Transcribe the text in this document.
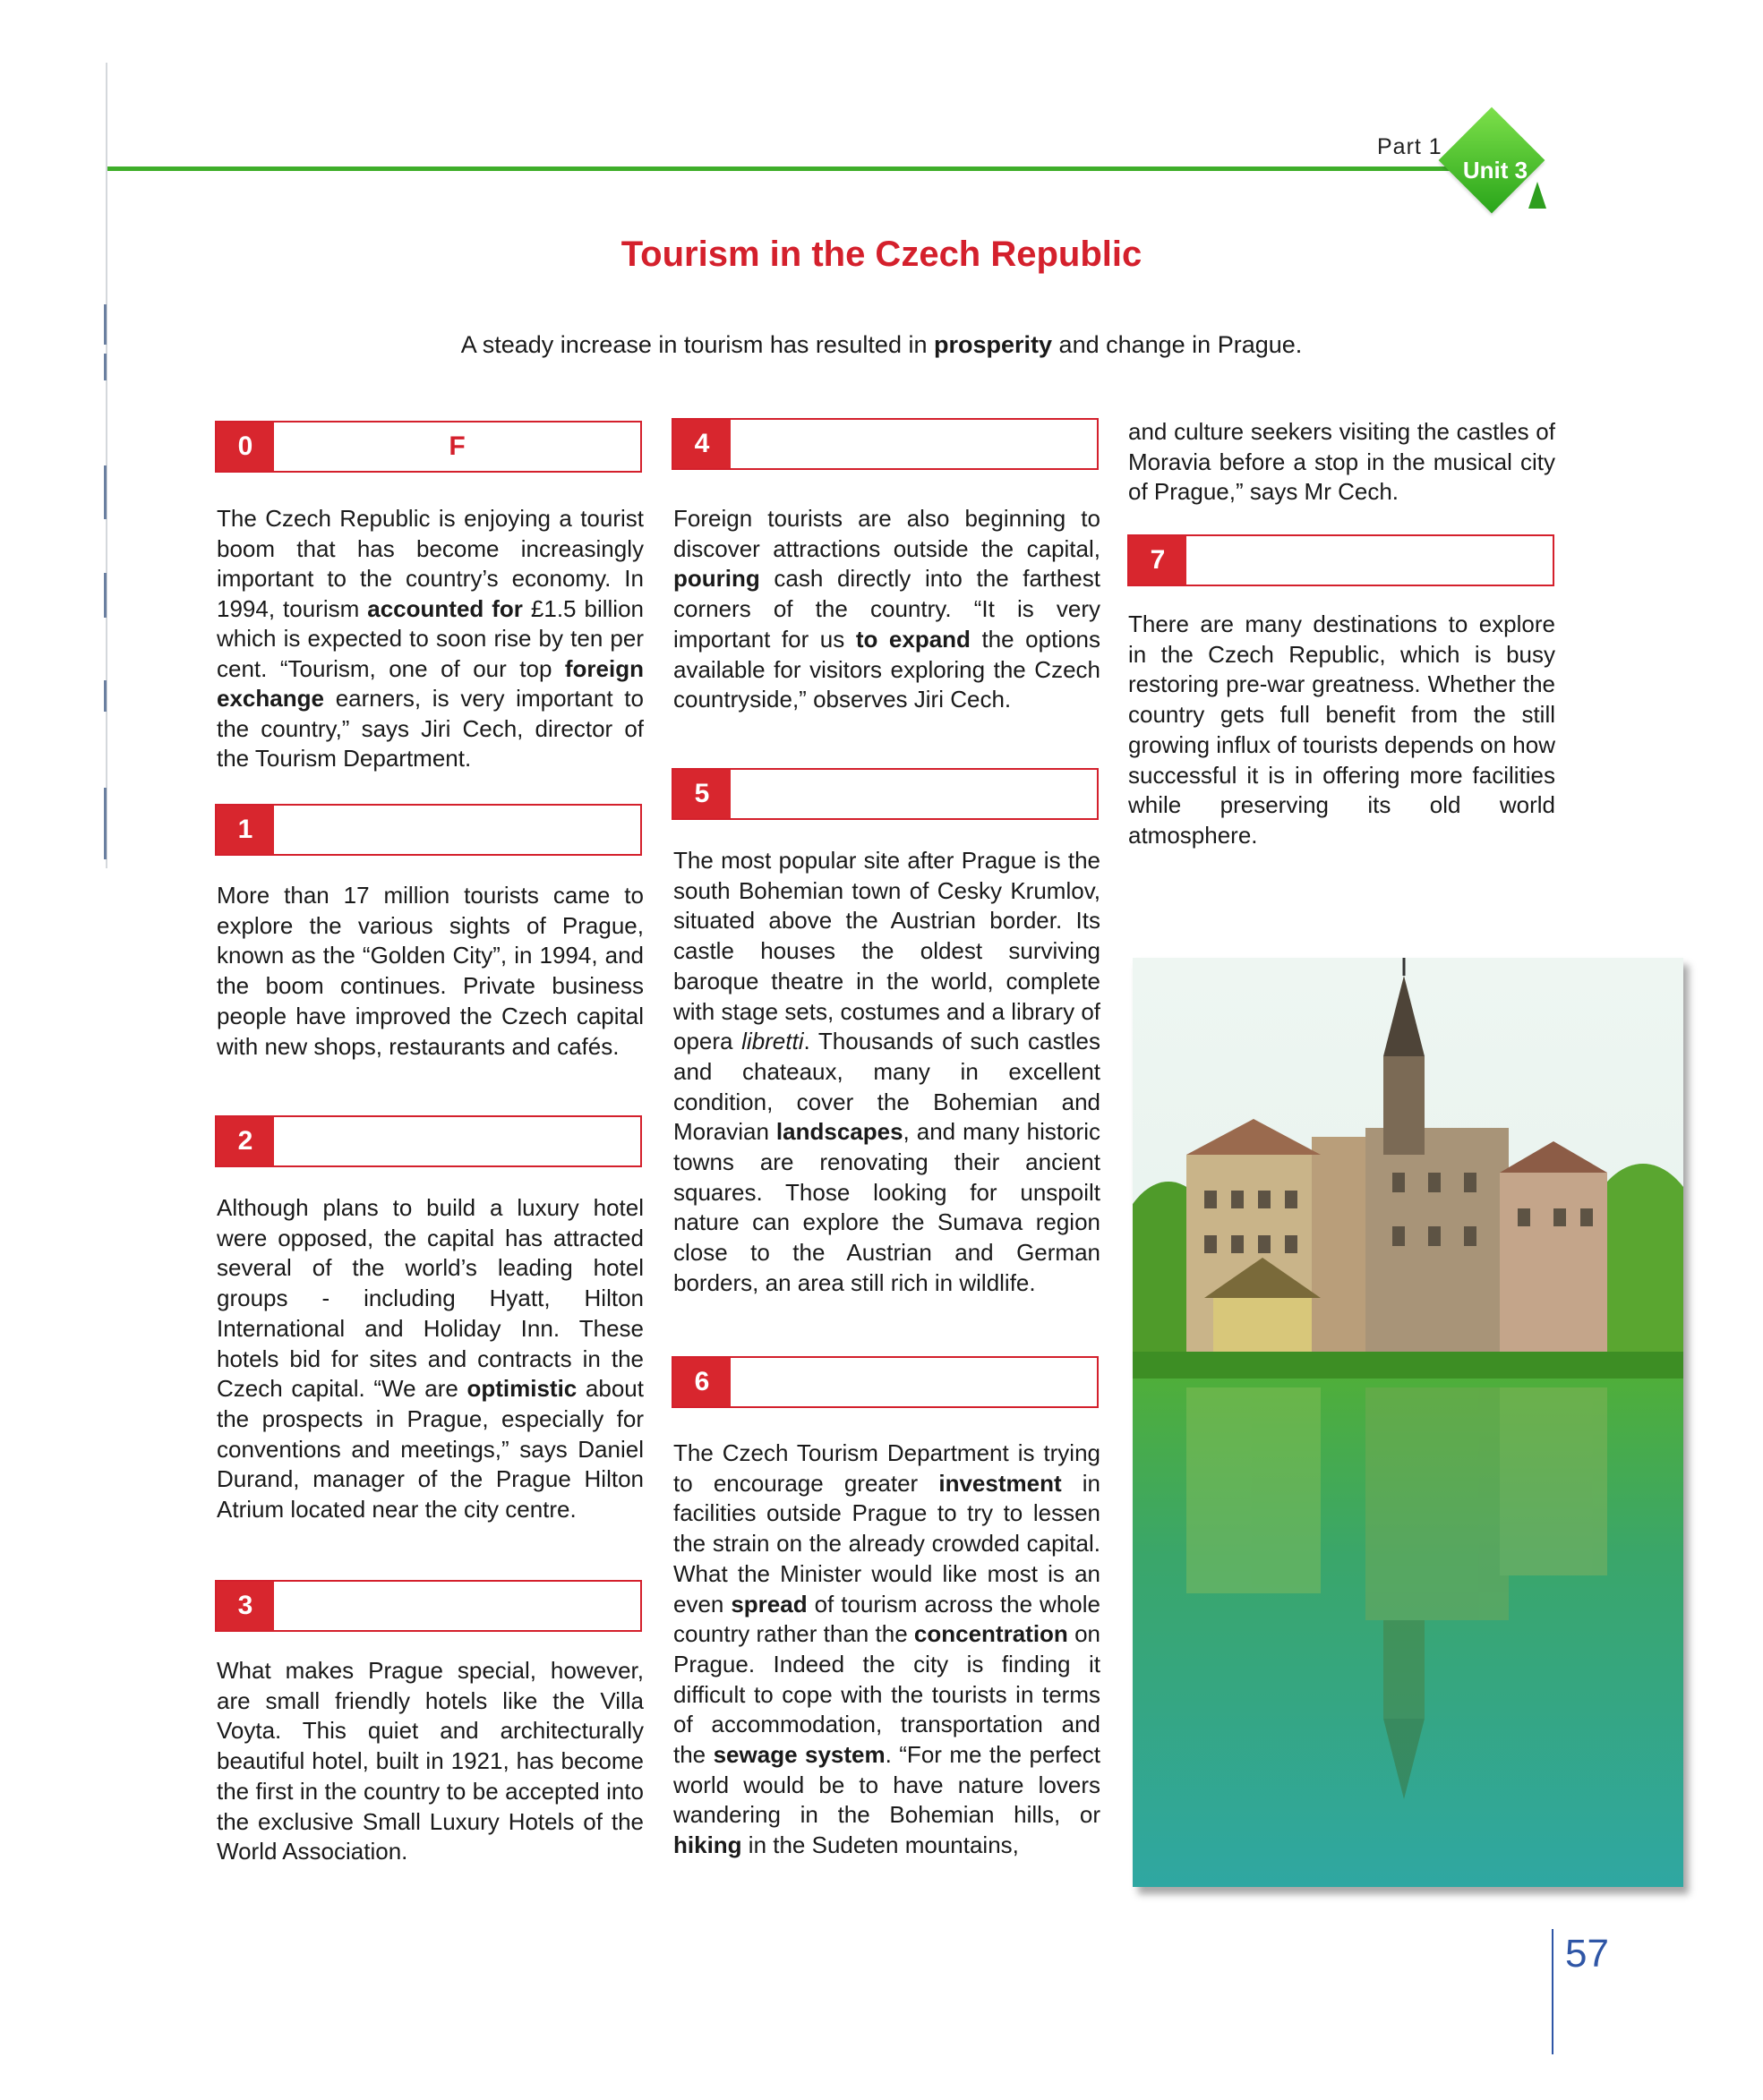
Part 1
Unit 3
Tourism in the Czech Republic
A steady increase in tourism has resulted in prosperity and change in Prague.
0	F
The Czech Republic is enjoying a tourist boom that has become increasingly important to the country’s economy. In 1994, tourism accounted for £1.5 billion which is expected to soon rise by ten per cent. “Tourism, one of our top foreign exchange earners, is very important to the country,” says Jiri Cech, director of the Tourism Department.
1
More than 17 million tourists came to explore the various sights of Prague, known as the “Golden City”, in 1994, and the boom continues. Private business people have improved the Czech capital with new shops, restaurants and cafés.
2
Although plans to build a luxury hotel were opposed, the capital has attracted several of the world’s leading hotel groups - including Hyatt, Hilton International and Holiday Inn. These hotels bid for sites and contracts in the Czech capital. “We are optimistic about the prospects in Prague, especially for conventions and meetings,” says Daniel Durand, manager of the Prague Hilton Atrium located near the city centre.
3
What makes Prague special, however, are small friendly hotels like the Villa Voyta. This quiet and architecturally beautiful hotel, built in 1921, has become the first in the country to be accepted into the exclusive Small Luxury Hotels of the World Association.
4
Foreign tourists are also beginning to discover attractions outside the capital, pouring cash directly into the farthest corners of the country. “It is very important for us to expand the options available for visitors exploring the Czech countryside,” observes Jiri Cech.
5
The most popular site after Prague is the south Bohemian town of Cesky Krumlov, situated above the Austrian border. Its castle houses the oldest surviving baroque theatre in the world, complete with stage sets, costumes and a library of opera libretti. Thousands of such castles and chateaux, many in excellent condition, cover the Bohemian and Moravian landscapes, and many historic towns are renovating their ancient squares. Those looking for unspoilt nature can explore the Sumava region close to the Austrian and German borders, an area still rich in wildlife.
6
The Czech Tourism Department is trying to encourage greater investment in facilities outside Prague to try to lessen the strain on the already crowded capital. What the Minister would like most is an even spread of tourism across the whole country rather than the concentration on Prague. Indeed the city is finding it difficult to cope with the tourists in terms of accommodation, transportation and the sewage system. “For me the perfect world would be to have nature lovers wandering in the Bohemian hills, or hiking in the Sudeten mountains,
and culture seekers visiting the castles of Moravia before a stop in the musical city of Prague,” says Mr Cech.
7
There are many destinations to explore in the Czech Republic, which is busy restoring pre-war greatness. Whether the country gets full benefit from the still growing influx of tourists depends on how successful it is in offering more facilities while preserving its old world atmosphere.
57
